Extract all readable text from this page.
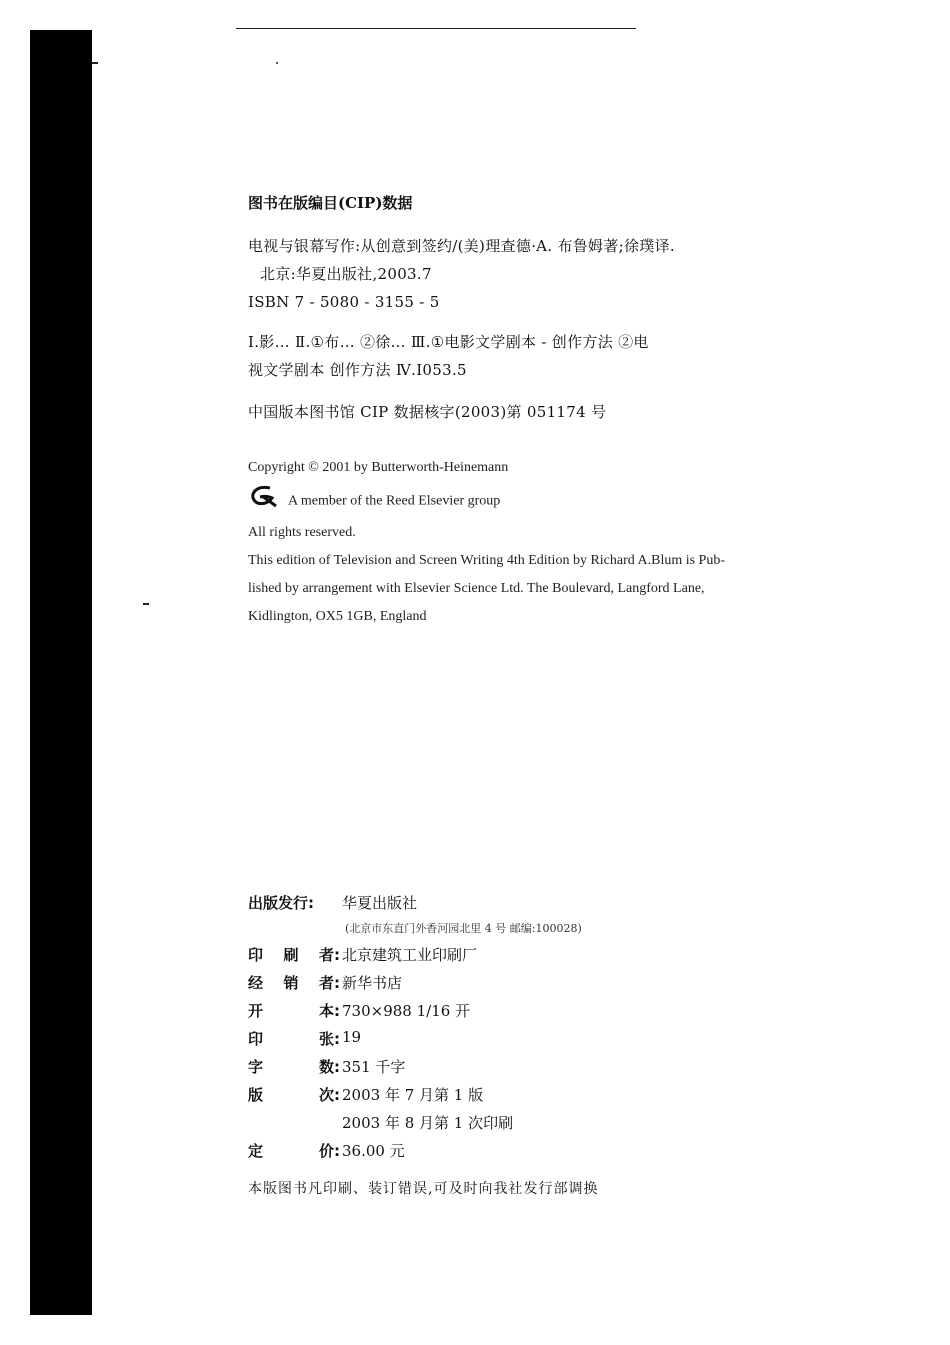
图书在版编目(CIP)数据
电视与银幕写作:从创意到签约/(美)理查德·A. 布鲁姆著;徐璞译.
北京:华夏出版社,2003.7
ISBN 7 - 5080 - 3155 - 5
Ⅰ.影… Ⅱ.①布… ②徐… Ⅲ.①电影文学剧本 - 创作方法 ②电
视文学剧本 创作方法 Ⅳ.I053.5
中国版本图书馆 CIP 数据核字(2003)第 051174 号
Copyright © 2001 by Butterworth-Heinemann
A member of the Reed Elsevier group
All rights reserved.
This edition of Television and Screen Writing 4th Edition by Richard A.Blum is Pub-
lished by arrangement with Elsevier Science Ltd. The Boulevard, Langford Lane,
Kidlington, OX5 1GB, England
出版发行:	华夏出版社
(北京市东直门外香河园北里 4 号 邮编:100028)
印 刷 者: 北京建筑工业印刷厂
经 销 者: 新华书店
开	本: 730×988 1/16 开
印	张: 19
字	数: 351 千字
版	次: 2003 年 7 月第 1 版
2003 年 8 月第 1 次印刷
定	价: 36.00 元
本版图书凡印刷、装订错误,可及时向我社发行部调换
